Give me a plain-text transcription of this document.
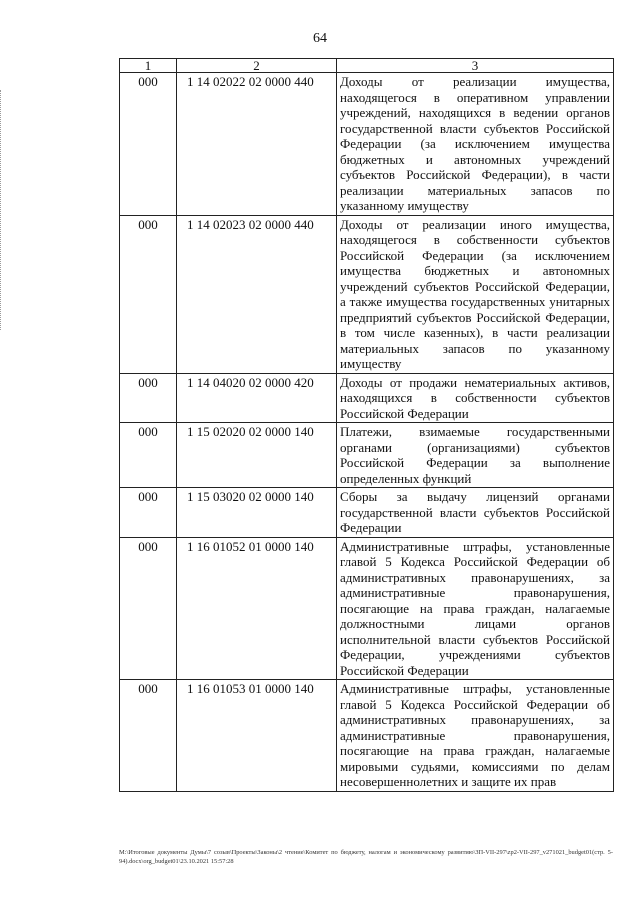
64
1	2	3
000	1 14 02022 02 0000 440	Доходы от реализации имущества, находящегося в оперативном управлении учреждений, находящихся в ведении органов государственной власти субъектов Российской Федерации (за исключением имущества бюджетных и автономных учреждений субъектов Российской Федерации), в части реализации материальных запасов по указанному имуществу
000	1 14 02023 02 0000 440	Доходы от реализации иного имущества, находящегося в собственности субъектов Российской Федерации (за исключением имущества бюджетных и автономных учреждений субъектов Российской Федерации, а также имущества государственных унитарных предприятий субъектов Российской Федерации, в том числе казенных), в части реализации материальных запасов по указанному имуществу
000	1 14 04020 02 0000 420	Доходы от продажи нематериальных активов, находящихся в собственности субъектов Российской Федерации
000	1 15 02020 02 0000 140	Платежи, взимаемые государственными органами (организациями) субъектов Российской Федерации за выполнение определенных функций
000	1 15 03020 02 0000 140	Сборы за выдачу лицензий органами государственной власти субъектов Российской Федерации
000	1 16 01052 01 0000 140	Административные штрафы, установленные главой 5 Кодекса Российской Федерации об административных правонарушениях, за административные правонарушения, посягающие на права граждан, налагаемые должностными лицами органов исполнительной власти субъектов Российской Федерации, учреждениями субъектов Российской Федерации
000	1 16 01053 01 0000 140	Административные штрафы, установленные главой 5 Кодекса Российской Федерации об административных правонарушениях, за административные правонарушения, посягающие на права граждан, налагаемые мировыми судьями, комиссиями по делам несовершеннолетних и защите их прав
М:\Итоговые документы Думы\7 созыв\Проекты\Законы\2 чтение\Комитет по бюджету, налогам и экономическому развитию\ЗП-VII-297\zp2-VII-297_v271021_budget01(стр. 5-94).docx\org_budget01\23.10.2021 15:57:28
